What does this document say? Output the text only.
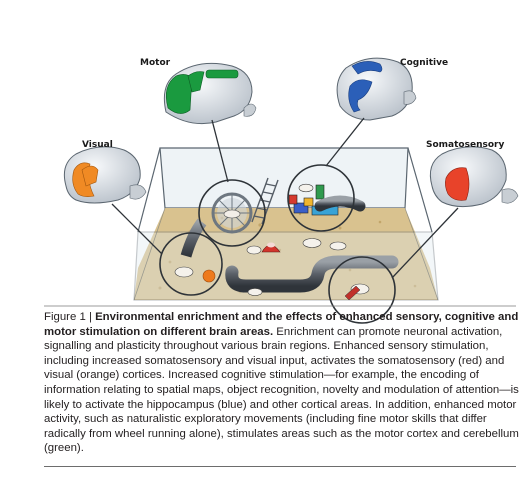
Motor	Cognitive
Visual	Somatosensory
Figure 1 | Environmental enrichment and the effects of enhanced sensory, cognitive and motor stimulation on different brain areas. Enrichment can promote neuronal activation, signalling and plasticity throughout various brain regions. Enhanced sensory stimulation, including increased somatosensory and visual input, activates the somatosensory (red) and visual (orange) cortices. Increased cognitive stimulation—for example, the encoding of information relating to spatial maps, object recognition, novelty and modulation of attention—is likely to activate the hippocampus (blue) and other cortical areas. In addition, enhanced motor activity, such as naturalistic exploratory movements (including fine motor skills that differ radically from wheel running alone), stimulates areas such as the motor cortex and cerebellum (green).
